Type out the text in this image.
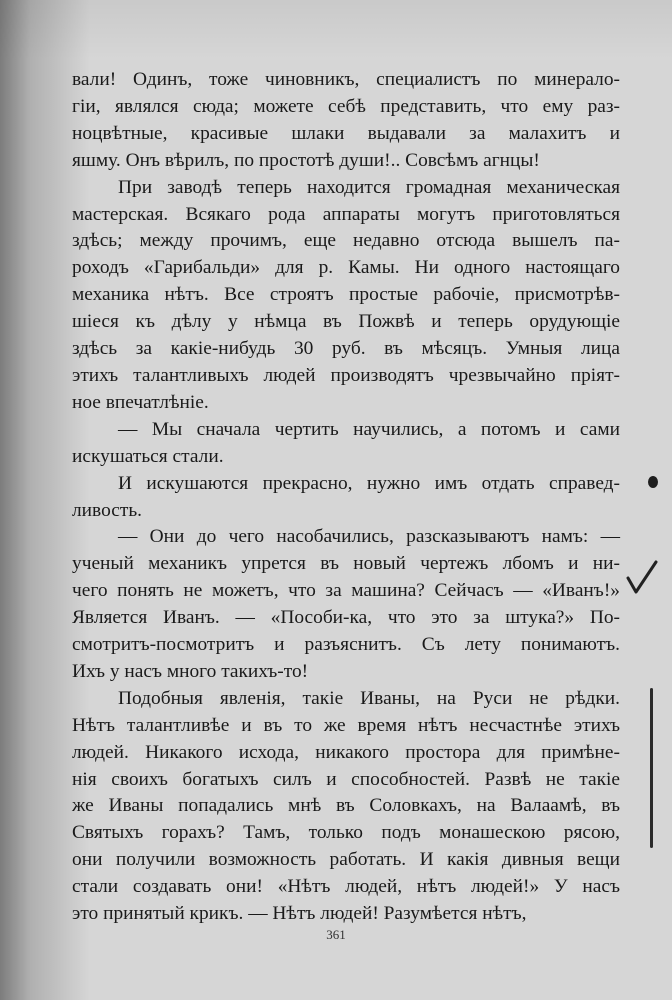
вали! Одинъ, тоже чиновникъ, специалистъ по минерало-

гіи, являлся сюда; можете себѣ представить, что ему раз-

ноцвѣтные, красивые шлаки выдавали за малахитъ и

яшму. Онъ вѣрилъ, по простотѣ души!.. Совсѣмъ агнцы!

При заводѣ теперь находится громадная механическая

мастерская. Всякаго рода аппараты могутъ приготовляться

здѣсь; между прочимъ, еще недавно отсюда вышелъ па-

роходъ «Гарибальди» для р. Камы. Ни одного настоящаго

механика нѣтъ. Все строятъ простые рабочіе, присмотрѣв-

шіеся къ дѣлу у нѣмца въ Пожвѣ и теперь орудующіе

здѣсь за какіе-нибудь 30 руб. въ мѣсяцъ. Умныя лица

этихъ талантливыхъ людей производятъ чрезвычайно пріят-

ное впечатлѣніе.

— Мы сначала чертить научились, а потомъ и сами

искушаться стали.

И искушаются прекрасно, нужно имъ отдать справед-

ливость.

— Они до чего насобачились, разсказываютъ намъ: —

ученый механикъ упрется въ новый чертежъ лбомъ и ни-

чего понять не можетъ, что за машина? Сейчасъ — «Иванъ!»

Является Иванъ. — «Пособи-ка, что это за штука?» По-

смотритъ-посмотритъ и разъяснитъ. Съ лету понимаютъ.

Ихъ у насъ много такихъ-то!

Подобныя явленія, такіе Иваны, на Руси не рѣдки.

Нѣтъ талантливѣе и въ то же время нѣтъ несчастнѣе этихъ

людей. Никакого исхода, никакого простора для примѣне-

нія своихъ богатыхъ силъ и способностей. Развѣ не такіе

же Иваны попадались мнѣ въ Соловкахъ, на Валаамѣ, въ

Святыхъ горахъ? Тамъ, только подъ монашескою рясою,

они получили возможность работать. И какія дивныя вещи

стали создавать они! «Нѣтъ людей, нѣтъ людей!» У насъ

это принятый крикъ. — Нѣтъ людей! Разумѣется нѣтъ,

361
